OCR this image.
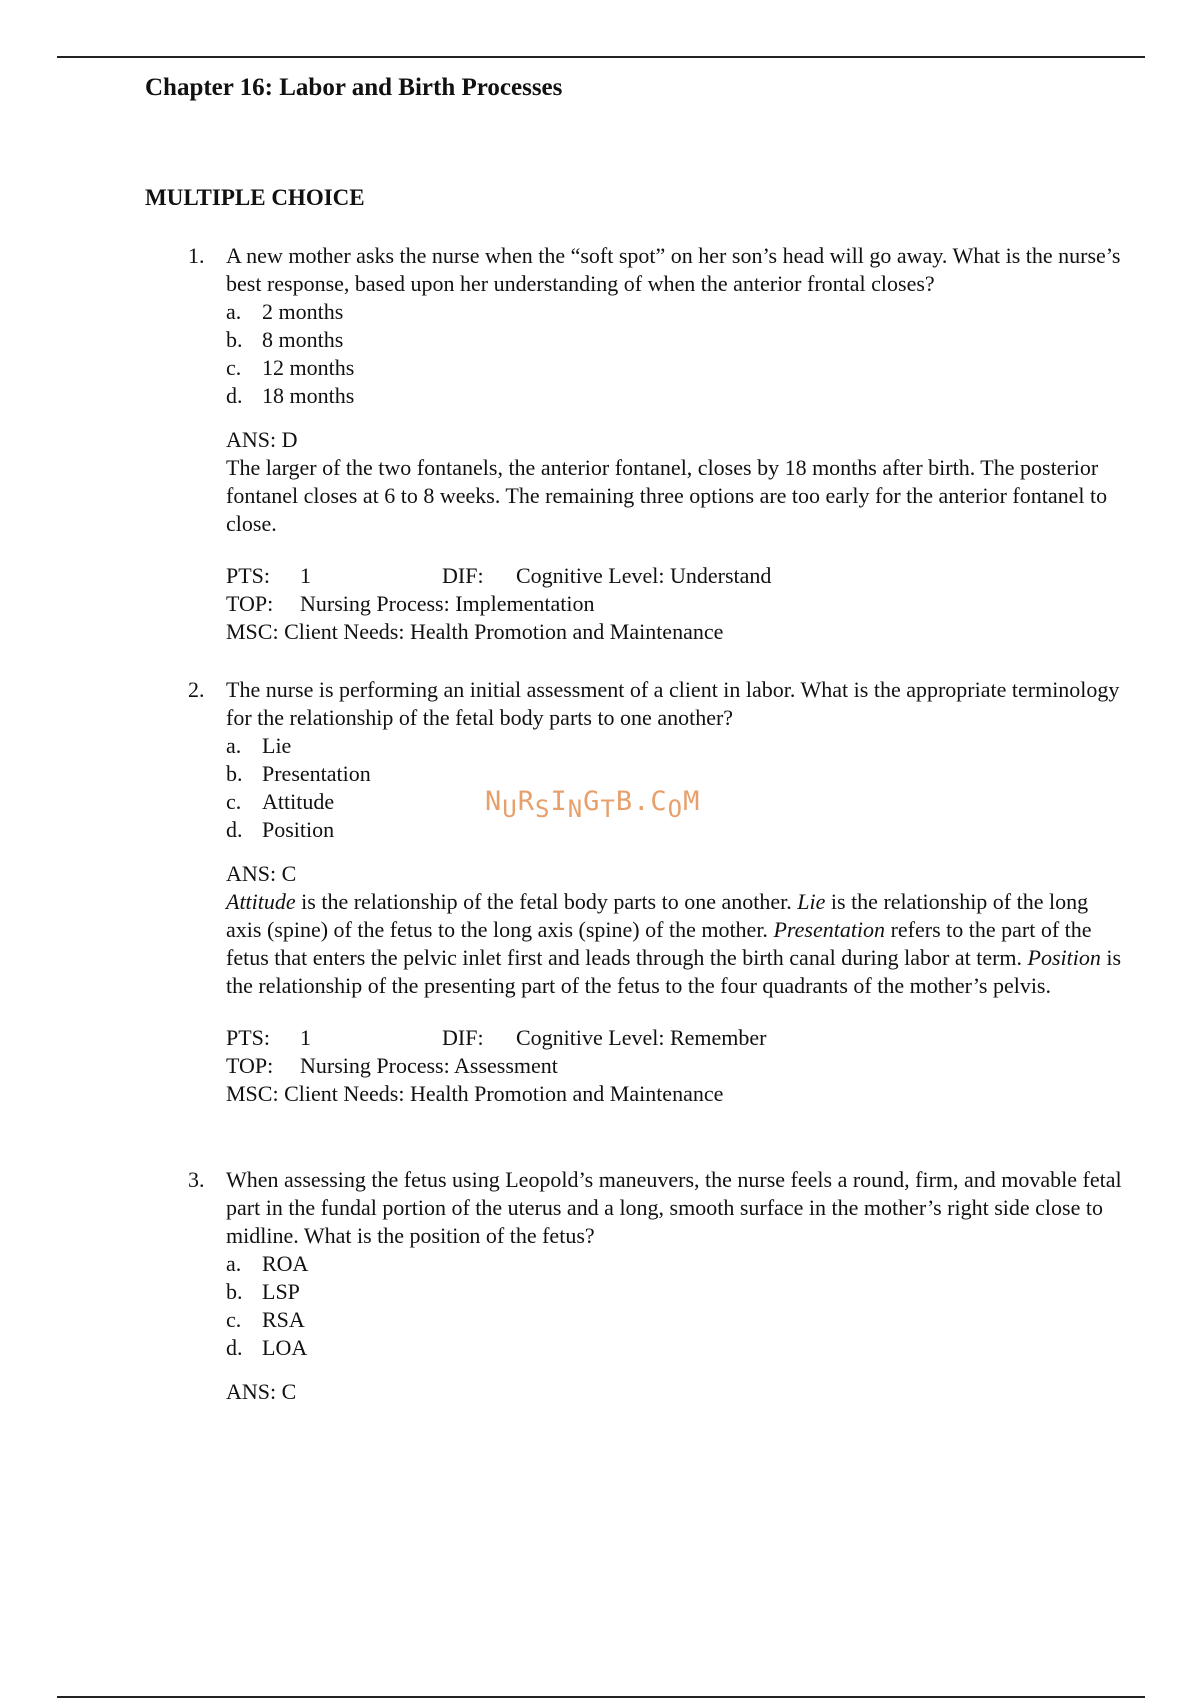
Chapter 16: Labor and Birth Processes
MULTIPLE CHOICE
1. A new mother asks the nurse when the “soft spot” on her son’s head will go away. What is the nurse’s best response, based upon her understanding of when the anterior frontal closes?

a. 2 months
b. 8 months
c. 12 months
d. 18 months
ANS: D
The larger of the two fontanels, the anterior fontanel, closes by 18 months after birth. The posterior fontanel closes at 6 to 8 weeks. The remaining three options are too early for the anterior fontanel to close.
PTS: 1	DIF: Cognitive Level: Understand
TOP: Nursing Process: Implementation
MSC: Client Needs: Health Promotion and Maintenance
2. The nurse is performing an initial assessment of a client in labor. What is the appropriate terminology for the relationship of the fetal body parts to one another?

a. Lie
b. Presentation
c. Attitude
d. Position
ANS: C
Attitude is the relationship of the fetal body parts to one another. Lie is the relationship of the long axis (spine) of the fetus to the long axis (spine) of the mother. Presentation refers to the part of the fetus that enters the pelvic inlet first and leads through the birth canal during labor at term. Position is the relationship of the presenting part of the fetus to the four quadrants of the mother’s pelvis.
PTS: 1	DIF: Cognitive Level: Remember
TOP: Nursing Process: Assessment
MSC: Client Needs: Health Promotion and Maintenance
3. When assessing the fetus using Leopold’s maneuvers, the nurse feels a round, firm, and movable fetal part in the fundal portion of the uterus and a long, smooth surface in the mother’s right side close to midline. What is the position of the fetus?

a. ROA
b. LSP
c. RSA
d. LOA
ANS: C
NURSINGTB.COM
